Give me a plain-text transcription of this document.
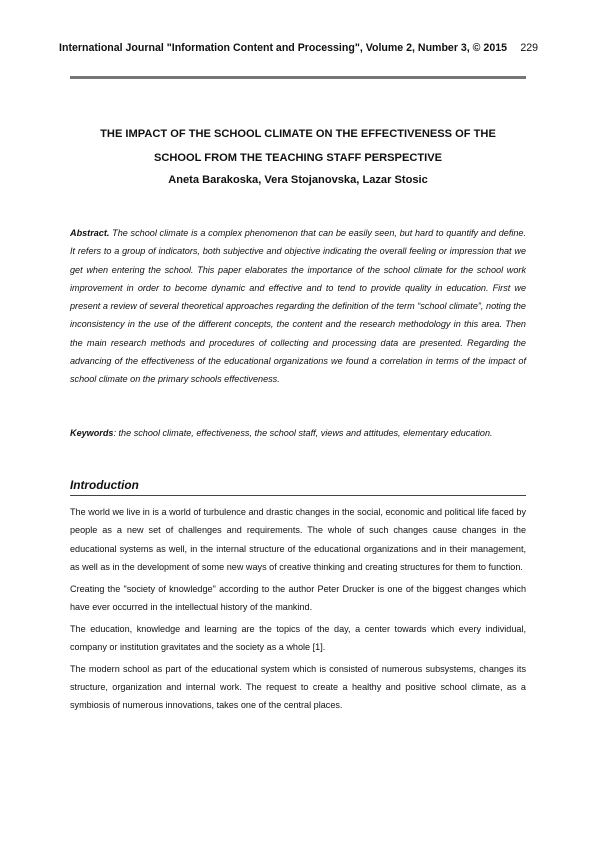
International Journal "Information Content and Processing", Volume 2, Number 3, © 2015 229
THE IMPACT OF THE SCHOOL CLIMATE ON THE EFFECTIVENESS OF THE
SCHOOL FROM THE TEACHING STAFF PERSPECTIVE
Aneta Barakoska, Vera Stojanovska, Lazar Stosic
Abstract. The school climate is a complex phenomenon that can be easily seen, but hard to quantify and define. It refers to a group of indicators, both subjective and objective indicating the overall feeling or impression that we get when entering the school. This paper elaborates the importance of the school climate for the school work improvement in order to become dynamic and effective and to tend to provide quality in education. First we present a review of several theoretical approaches regarding the definition of the term “school climate”, noting the inconsistency in the use of the different concepts, the content and the research methodology in this area. Then the main research methods and procedures of collecting and processing data are presented. Regarding the advancing of the effectiveness of the educational organizations we found a correlation in terms of the impact of school climate on the primary schools effectiveness.
Keywords: the school climate, effectiveness, the school staff, views and attitudes, elementary education.
Introduction

The world we live in is a world of turbulence and drastic changes in the social, economic and political life faced by people as a new set of challenges and requirements. The whole of such changes cause changes in the educational systems as well, in the internal structure of the educational organizations and in their management, as well as in the development of some new ways of creative thinking and creating structures for them to function.

Creating the "society of knowledge" according to the author Peter Drucker is one of the biggest changes which have ever occurred in the intellectual history of the mankind.

The education, knowledge and learning are the topics of the day, a center towards which every individual, company or institution gravitates and the society as a whole [1].

The modern school as part of the educational system which is consisted of numerous subsystems, changes its structure, organization and internal work. The request to create a healthy and positive school climate, as a symbiosis of numerous innovations, takes one of the central places.
